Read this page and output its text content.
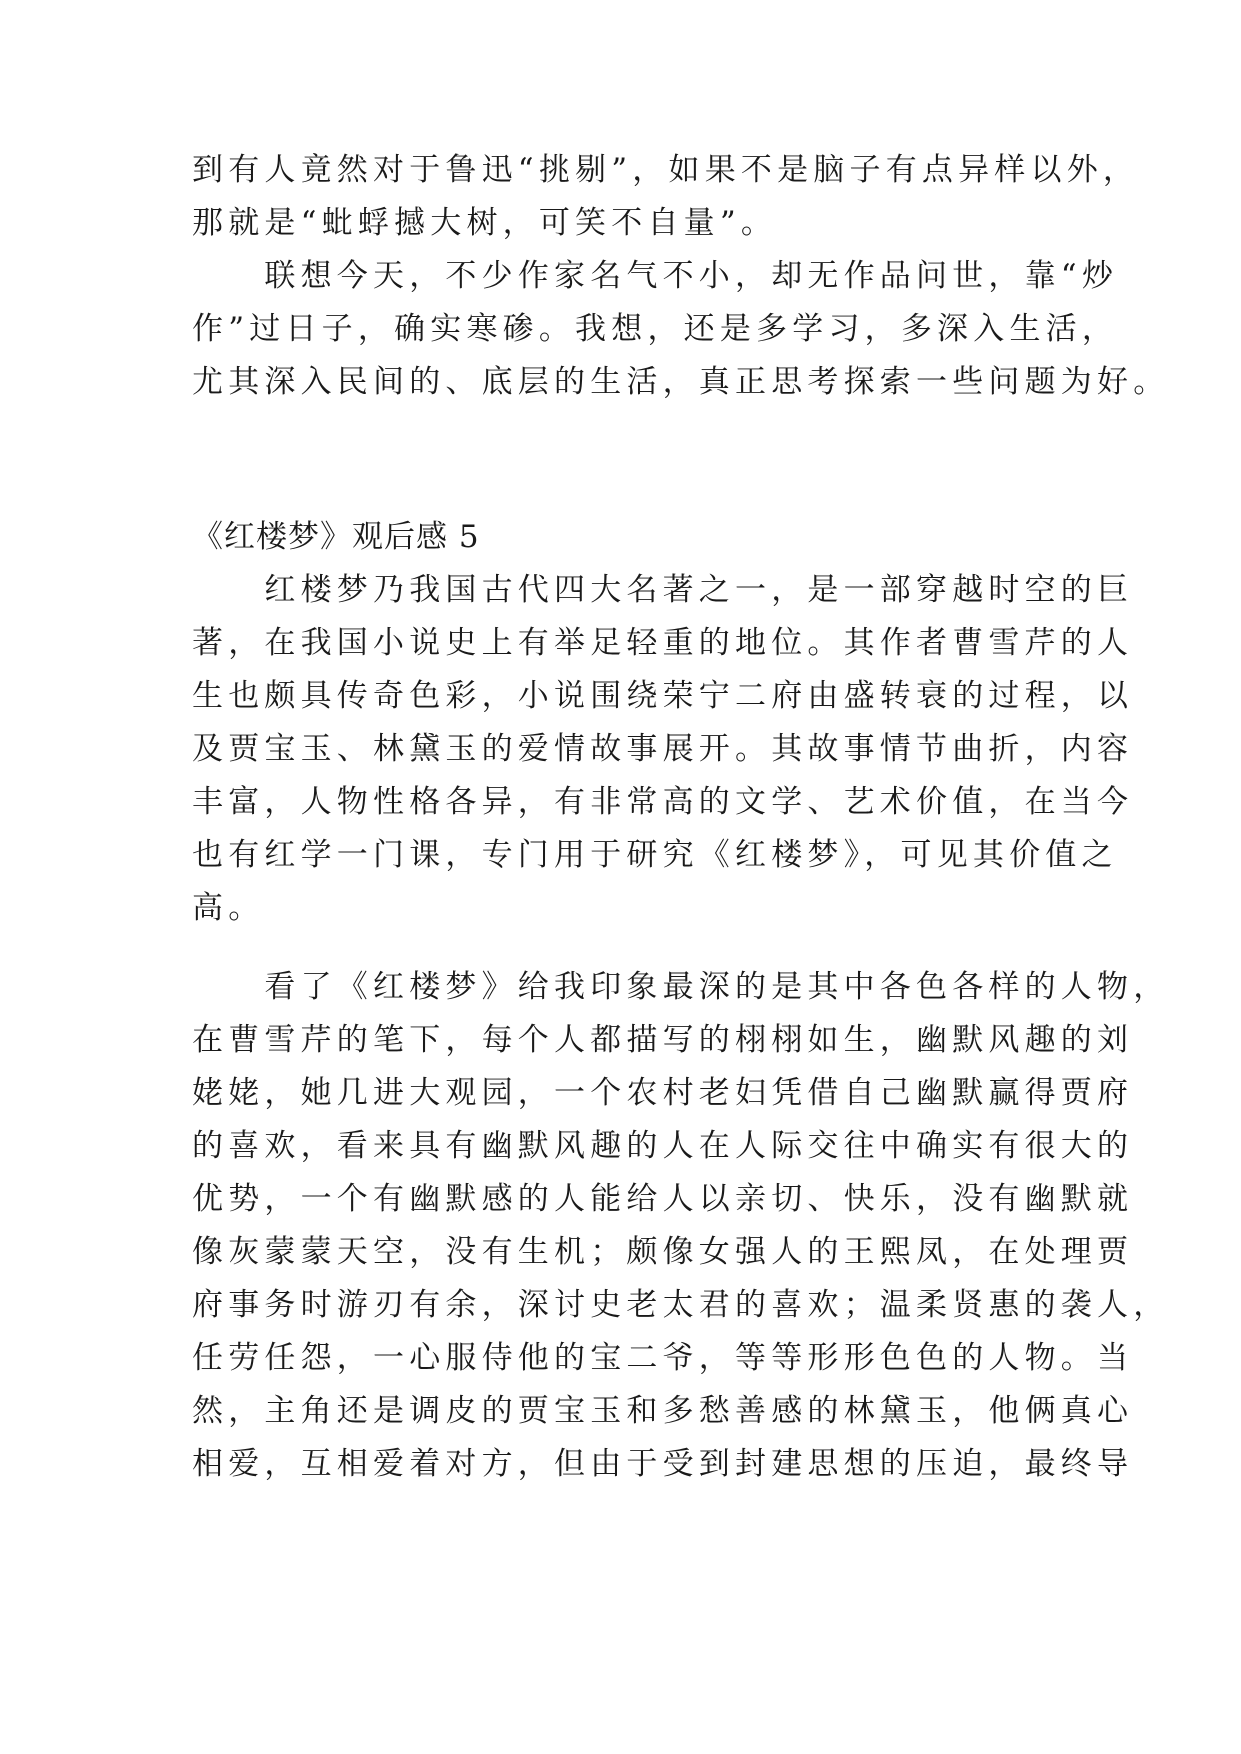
到有人竟然对于鲁迅“挑剔”，如果不是脑子有点异样以外，
那就是“蚍蜉撼大树，可笑不自量”。
　　联想今天，不少作家名气不小，却无作品问世，靠“炒
作”过日子，确实寒碜。我想，还是多学习，多深入生活，
尤其深入民间的、底层的生活，真正思考探索一些问题为好。
《红楼梦》观后感 5
　　红楼梦乃我国古代四大名著之一，是一部穿越时空的巨
著，在我国小说史上有举足轻重的地位。其作者曹雪芹的人
生也颇具传奇色彩，小说围绕荣宁二府由盛转衰的过程，以
及贾宝玉、林黛玉的爱情故事展开。其故事情节曲折，内容
丰富，人物性格各异，有非常高的文学、艺术价值，在当今
也有红学一门课，专门用于研究《红楼梦》，可见其价值之
高。
　　看了《红楼梦》给我印象最深的是其中各色各样的人物，
在曹雪芹的笔下，每个人都描写的栩栩如生，幽默风趣的刘
姥姥，她几进大观园，一个农村老妇凭借自己幽默赢得贾府
的喜欢，看来具有幽默风趣的人在人际交往中确实有很大的
优势，一个有幽默感的人能给人以亲切、快乐，没有幽默就
像灰蒙蒙天空，没有生机；颇像女强人的王熙凤，在处理贾
府事务时游刃有余，深讨史老太君的喜欢；温柔贤惠的袭人，
任劳任怨，一心服侍他的宝二爷，等等形形色色的人物。当
然，主角还是调皮的贾宝玉和多愁善感的林黛玉，他俩真心
相爱，互相爱着对方，但由于受到封建思想的压迫，最终导
